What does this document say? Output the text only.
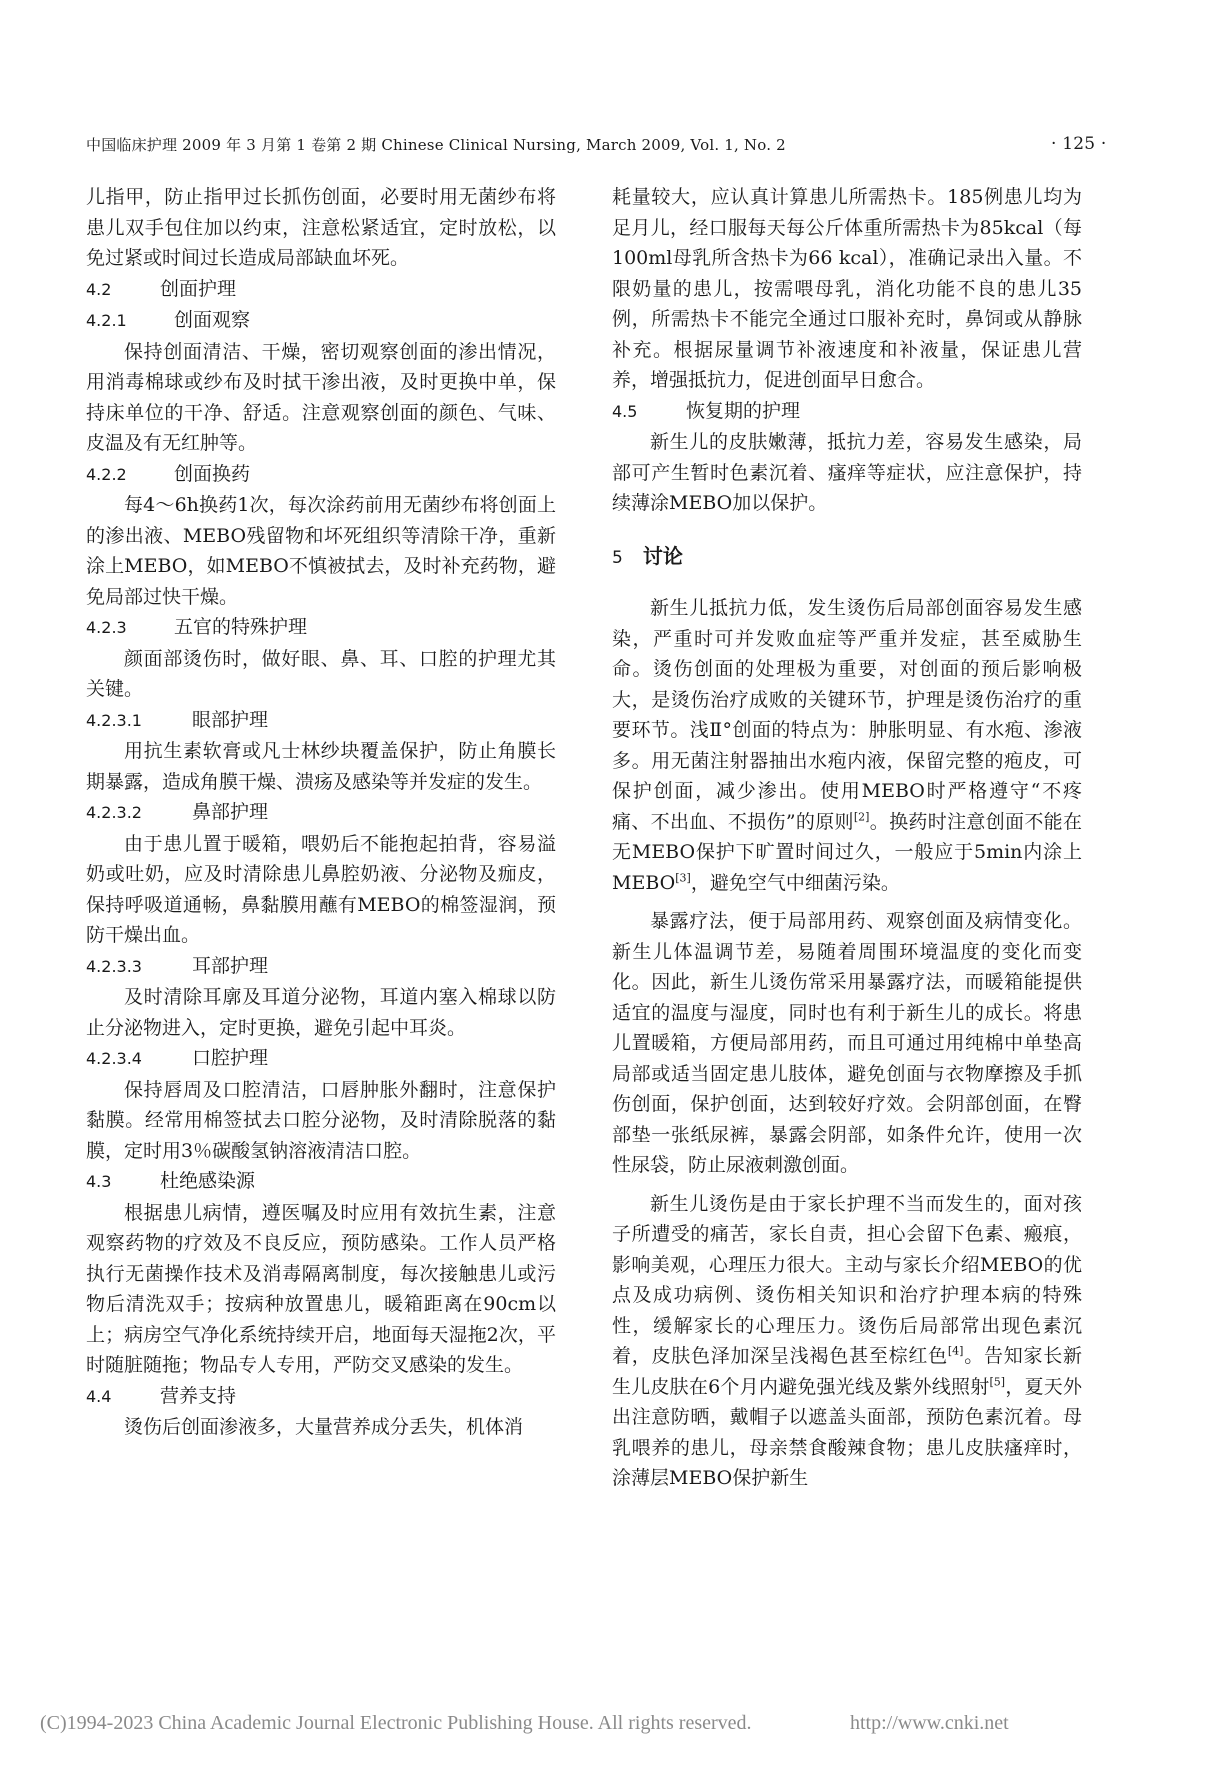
中国临床护理 2009 年 3 月第 1 卷第 2 期 Chinese Clinical Nursing, March 2009, Vol. 1, No. 2	· 125 ·

儿指甲，防止指甲过长抓伤创面，必要时用无菌纱布将患儿双手包住加以约束，注意松紧适宜，定时放松，以免过紧或时间过长造成局部缺血坏死。

4.2	创面护理
4.2.1 创面观察

保持创面清洁、干燥，密切观察创面的渗出情况，用消毒棉球或纱布及时拭干渗出液，及时更换中单，保持床单位的干净、舒适。注意观察创面的颜色、气味、皮温及有无红肿等。

4.2.2 创面换药

每4～6h换药1次，每次涂药前用无菌纱布将创面上的渗出液、MEBO残留物和坏死组织等清除干净，重新涂上MEBO，如MEBO不慎被拭去，及时补充药物，避免局部过快干燥。

4.2.3 五官的特殊护理

颜面部烫伤时，做好眼、鼻、耳、口腔的护理尤其关键。

4.2.3.1	眼部护理

用抗生素软膏或凡士林纱块覆盖保护，防止角膜长期暴露，造成角膜干燥、溃疡及感染等并发症的发生。

4.2.3.2	鼻部护理

由于患儿置于暖箱，喂奶后不能抱起拍背，容易溢奶或吐奶，应及时清除患儿鼻腔奶液、分泌物及痂皮，保持呼吸道通畅，鼻黏膜用蘸有MEBO的棉签湿润，预防干燥出血。

4.2.3.3	耳部护理

及时清除耳廓及耳道分泌物，耳道内塞入棉球以防止分泌物进入，定时更换，避免引起中耳炎。

4.2.3.4	口腔护理

保持唇周及口腔清洁，口唇肿胀外翻时，注意保护黏膜。经常用棉签拭去口腔分泌物，及时清除脱落的黏膜，定时用3％碳酸氢钠溶液清洁口腔。

4.3	杜绝感染源

根据患儿病情，遵医嘱及时应用有效抗生素，注意观察药物的疗效及不良反应，预防感染。工作人员严格执行无菌操作技术及消毒隔离制度，每次接触患儿或污物后清洗双手；按病种放置患儿，暖箱距离在90cm以上；病房空气净化系统持续开启，地面每天湿拖2次，平时随脏随拖；物品专人专用，严防交叉感染的发生。

4.4	营养支持

烫伤后创面渗液多，大量营养成分丢失，机体消

耗量较大，应认真计算患儿所需热卡。185例患儿均为足月儿，经口服每天每公斤体重所需热卡为85kcal（每100ml母乳所含热卡为66 kcal），准确记录出入量。不限奶量的患儿，按需喂母乳，消化功能不良的患儿35例，所需热卡不能完全通过口服补充时，鼻饲或从静脉补充。根据尿量调节补液速度和补液量，保证患儿营养，增强抵抗力，促进创面早日愈合。

4.5	恢复期的护理

新生儿的皮肤嫩薄，抵抗力差，容易发生感染，局部可产生暂时色素沉着、瘙痒等症状，应注意保护，持续薄涂MEBO加以保护。

5 讨论

新生儿抵抗力低，发生烫伤后局部创面容易发生感染，严重时可并发败血症等严重并发症，甚至威胁生命。烫伤创面的处理极为重要，对创面的预后影响极大，是烫伤治疗成败的关键环节，护理是烫伤治疗的重要环节。浅Ⅱ°创面的特点为：肿胀明显、有水疱、渗液多。用无菌注射器抽出水疱内液，保留完整的疱皮，可保护创面，减少渗出。使用MEBO时严格遵守“不疼痛、不出血、不损伤”的原则[2]。换药时注意创面不能在无MEBO保护下旷置时间过久，一般应于5min内涂上MEBO[3]，避免空气中细菌污染。

暴露疗法，便于局部用药、观察创面及病情变化。新生儿体温调节差，易随着周围环境温度的变化而变化。因此，新生儿烫伤常采用暴露疗法，而暖箱能提供适宜的温度与湿度，同时也有利于新生儿的成长。将患儿置暖箱，方便局部用药，而且可通过用纯棉中单垫高局部或适当固定患儿肢体，避免创面与衣物摩擦及手抓伤创面，保护创面，达到较好疗效。会阴部创面，在臀部垫一张纸尿裤，暴露会阴部，如条件允许，使用一次性尿袋，防止尿液刺激创面。

新生儿烫伤是由于家长护理不当而发生的，面对孩子所遭受的痛苦，家长自责，担心会留下色素、瘢痕，影响美观，心理压力很大。主动与家长介绍MEBO的优点及成功病例、烫伤相关知识和治疗护理本病的特殊性，缓解家长的心理压力。烫伤后局部常出现色素沉着，皮肤色泽加深呈浅褐色甚至棕红色[4]。告知家长新生儿皮肤在6个月内避免强光线及紫外线照射[5]，夏天外出注意防晒，戴帽子以遮盖头面部，预防色素沉着。母乳喂养的患儿，母亲禁食酸辣食物；患儿皮肤瘙痒时，涂薄层MEBO保护新生

(C)1994-2023 China Academic Journal Electronic Publishing House. All rights reserved.	http://www.cnki.net
